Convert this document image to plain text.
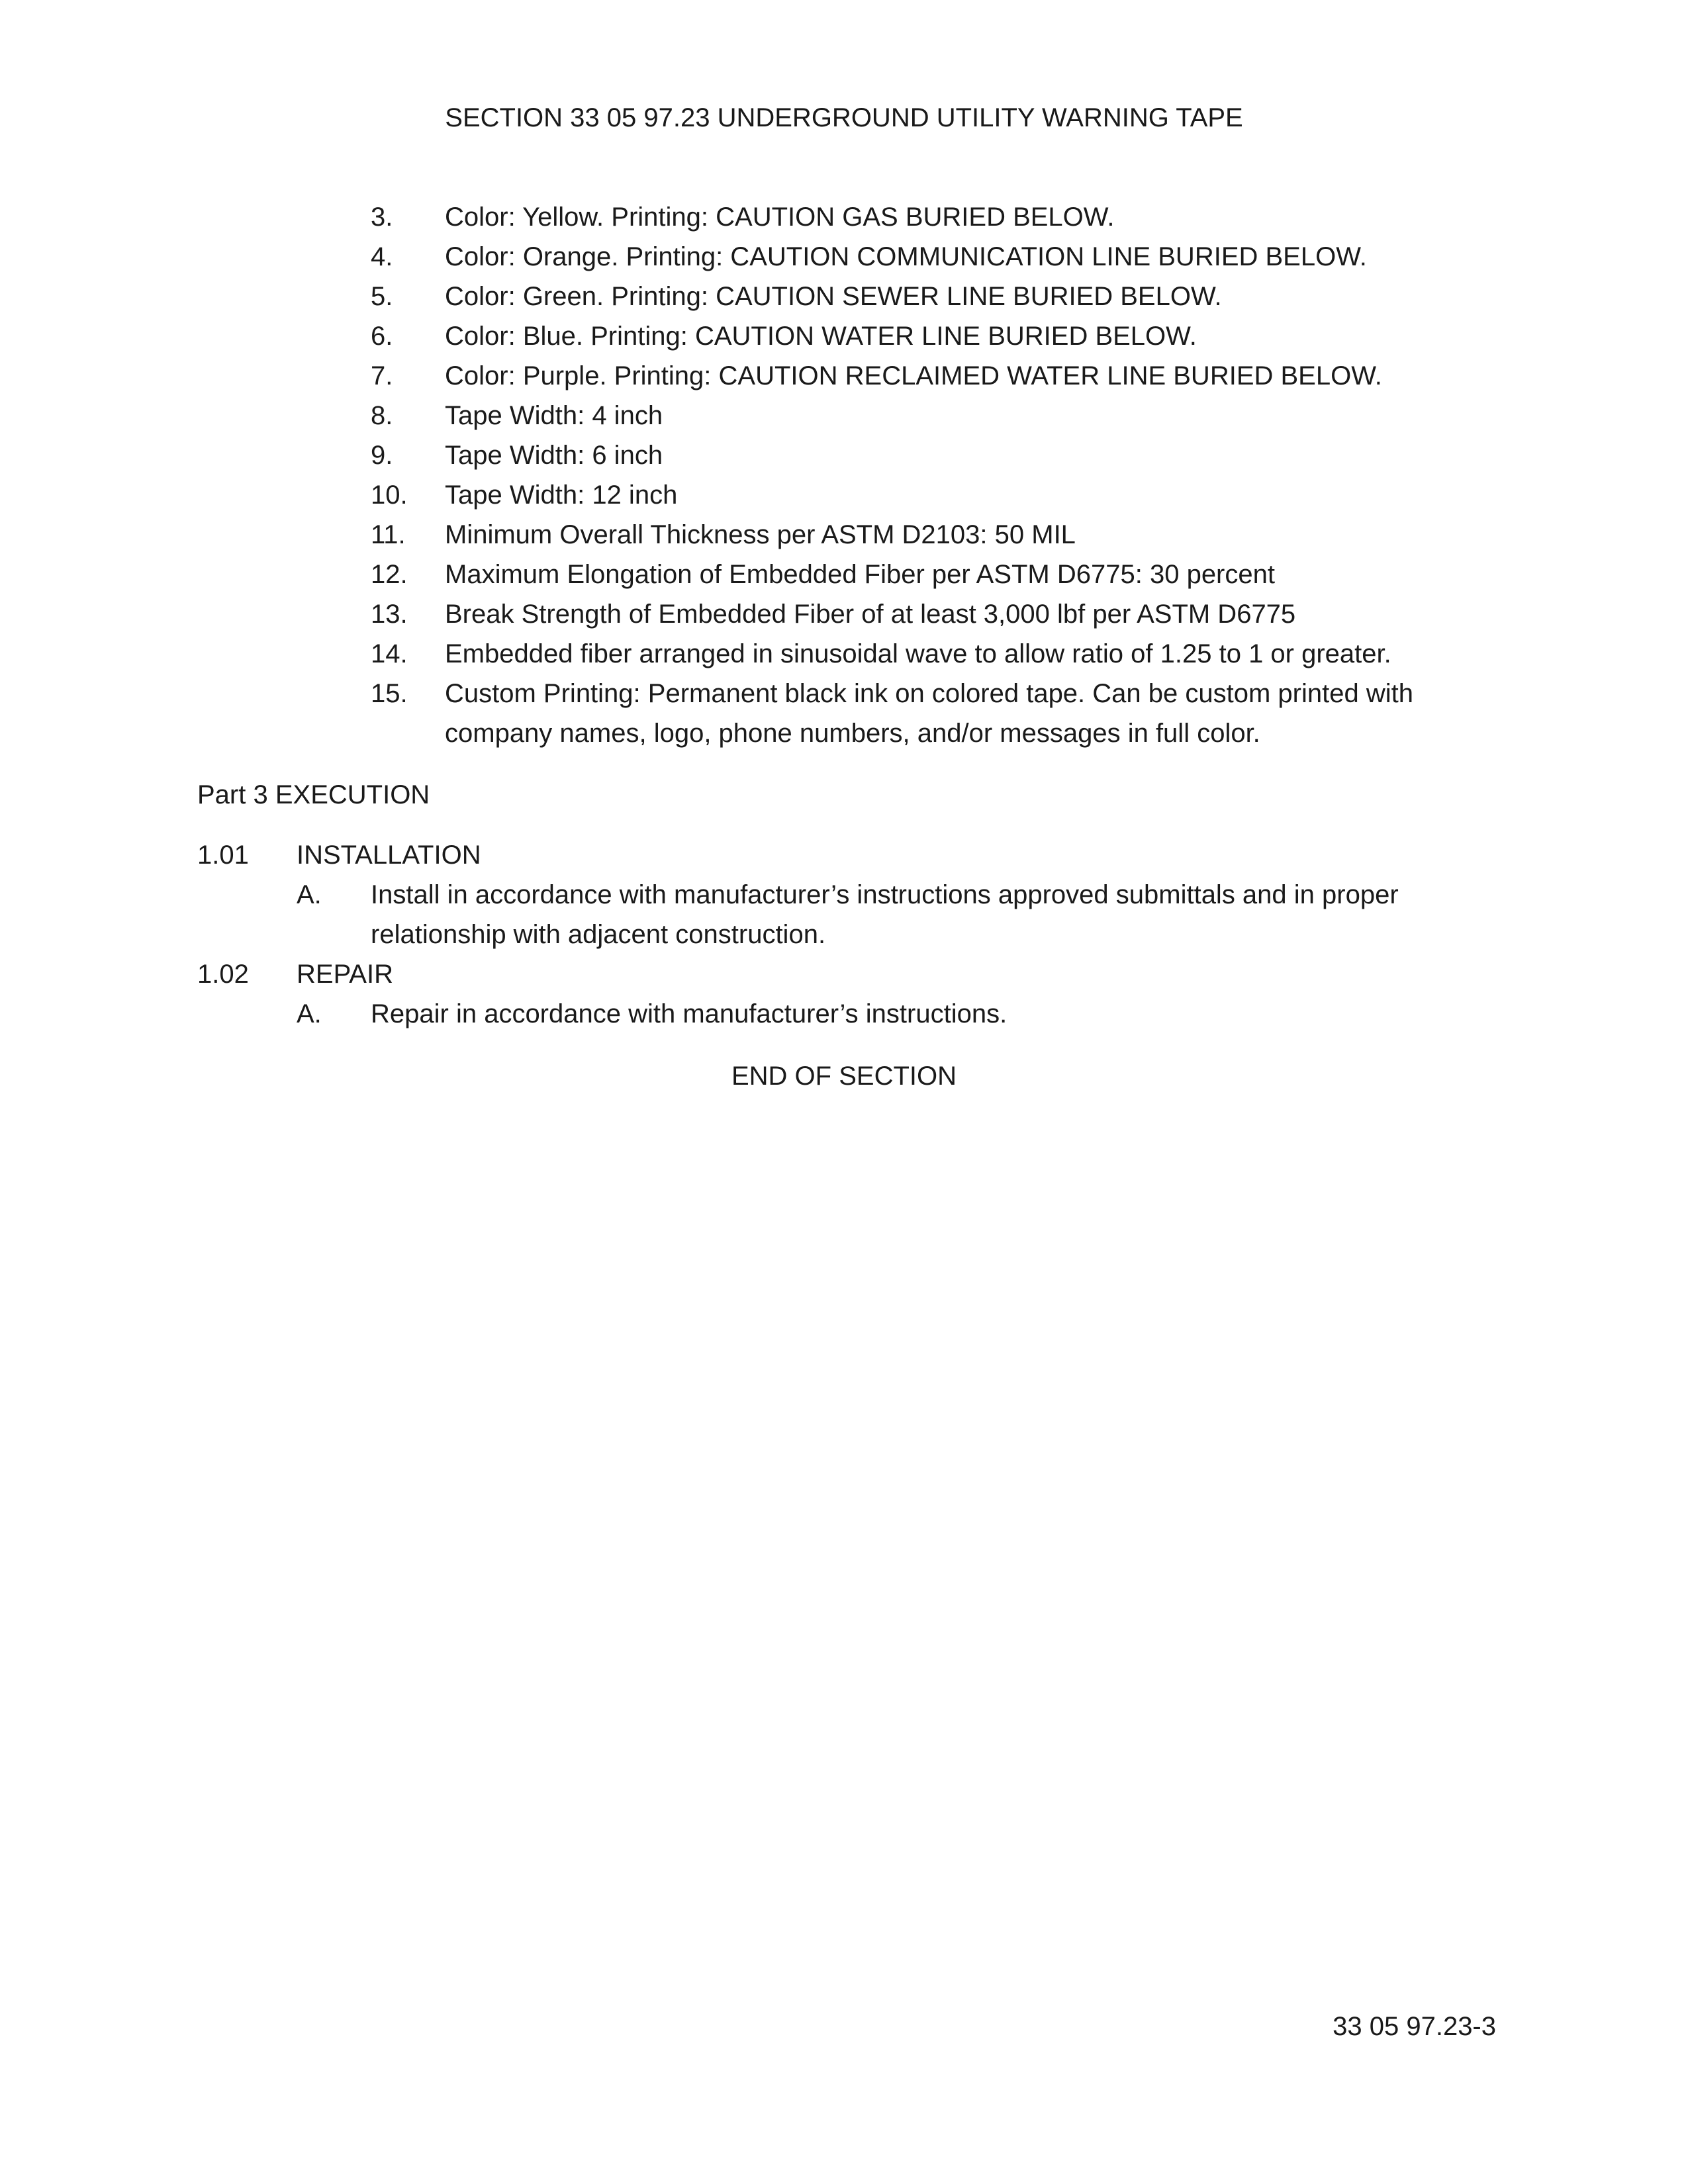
SECTION 33 05 97.23 UNDERGROUND UTILITY WARNING TAPE
3. Color: Yellow. Printing: CAUTION GAS BURIED BELOW.
4. Color: Orange. Printing: CAUTION COMMUNICATION LINE BURIED BELOW.
5. Color: Green. Printing: CAUTION SEWER LINE BURIED BELOW.
6. Color: Blue. Printing: CAUTION WATER LINE BURIED BELOW.
7. Color: Purple. Printing: CAUTION RECLAIMED WATER LINE BURIED BELOW.
8. Tape Width: 4 inch
9. Tape Width: 6 inch
10. Tape Width: 12 inch
11. Minimum Overall Thickness per ASTM D2103: 50 MIL
12. Maximum Elongation of Embedded Fiber per ASTM D6775: 30 percent
13. Break Strength of Embedded Fiber of at least 3,000 lbf per ASTM D6775
14. Embedded fiber arranged in sinusoidal wave to allow ratio of 1.25 to 1 or greater.
15. Custom Printing: Permanent black ink on colored tape. Can be custom printed with company names, logo, phone numbers, and/or messages in full color.
Part 3 EXECUTION
1.01 INSTALLATION
A. Install in accordance with manufacturer’s instructions approved submittals and in proper relationship with adjacent construction.
1.02 REPAIR
A. Repair in accordance with manufacturer’s instructions.
END OF SECTION
33 05 97.23-3
